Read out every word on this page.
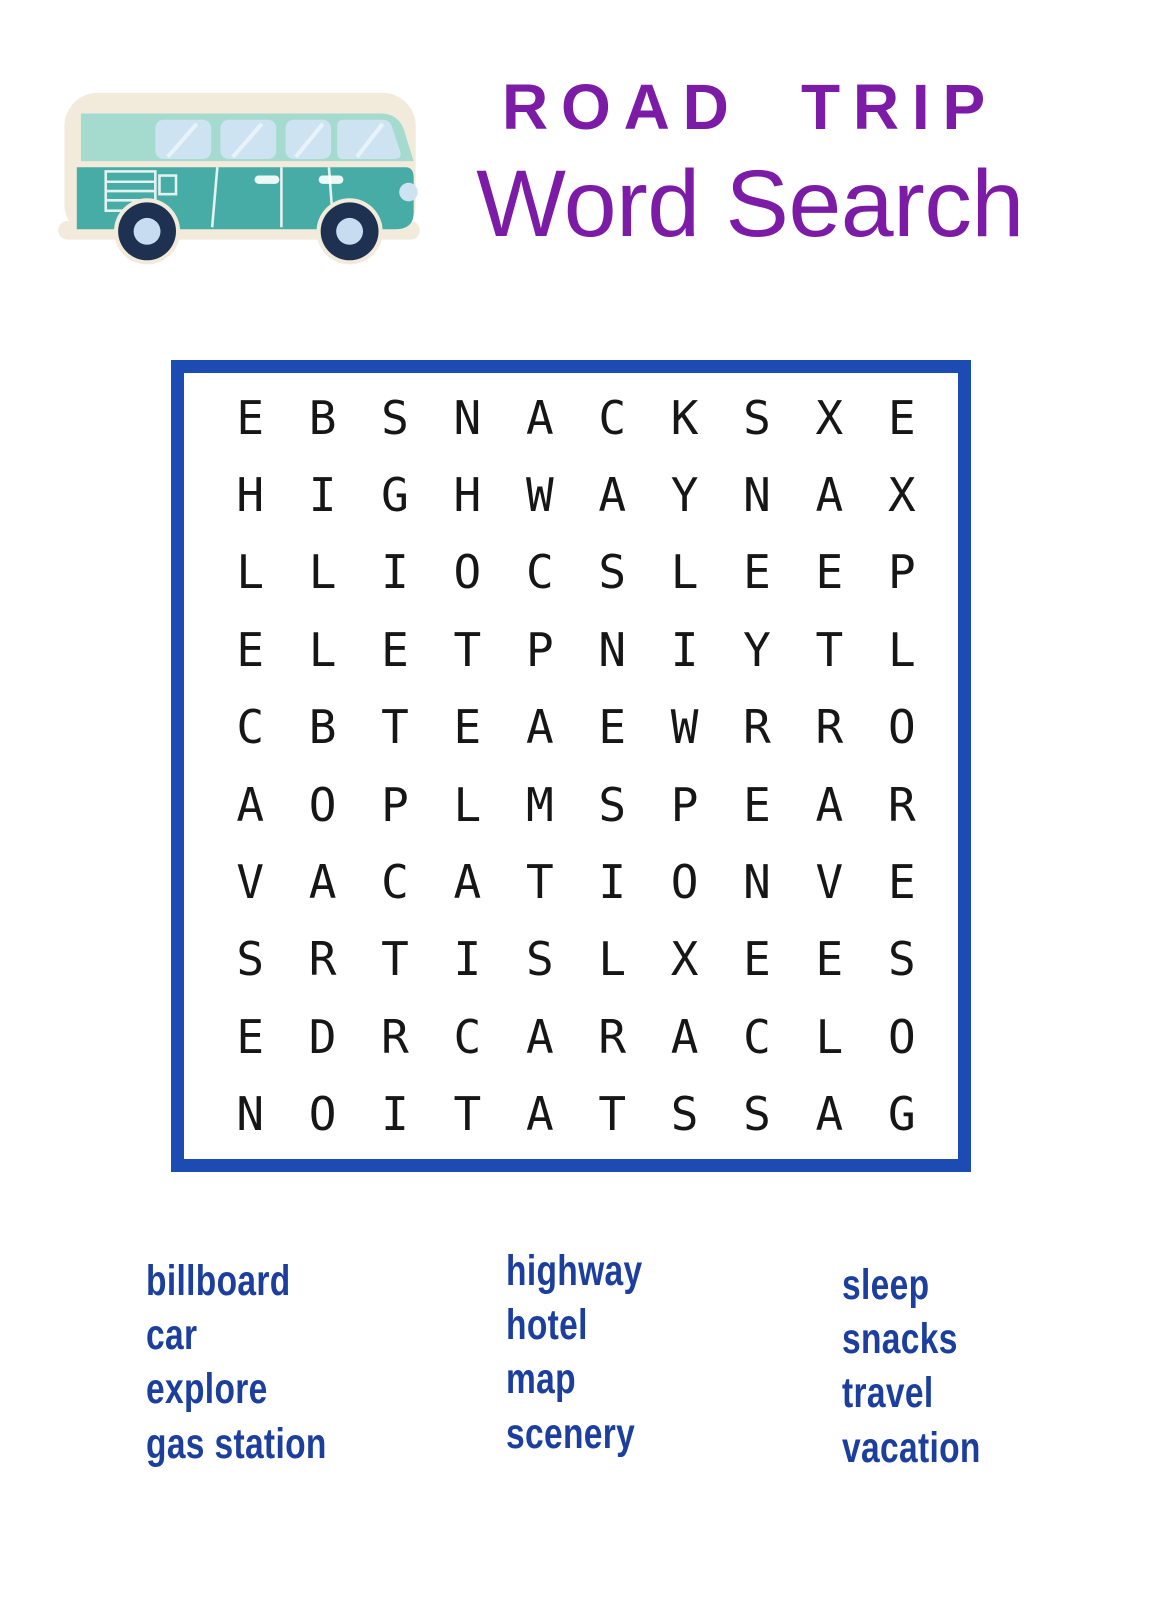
ROAD TRIP
Word Search
E B S N A C K S X E
H I G H W A Y N A X
L L I O C S L E E P
E L E T P N I Y T L
C B T E A E W R R O
A O P L M S P E A R
V A C A T I O N V E
S R T I S L X E E S
E D R C A R A C L O
N O I T A T S S A G
billboard
car
explore
gas station
highway
hotel
map
scenery
sleep
snacks
travel
vacation
